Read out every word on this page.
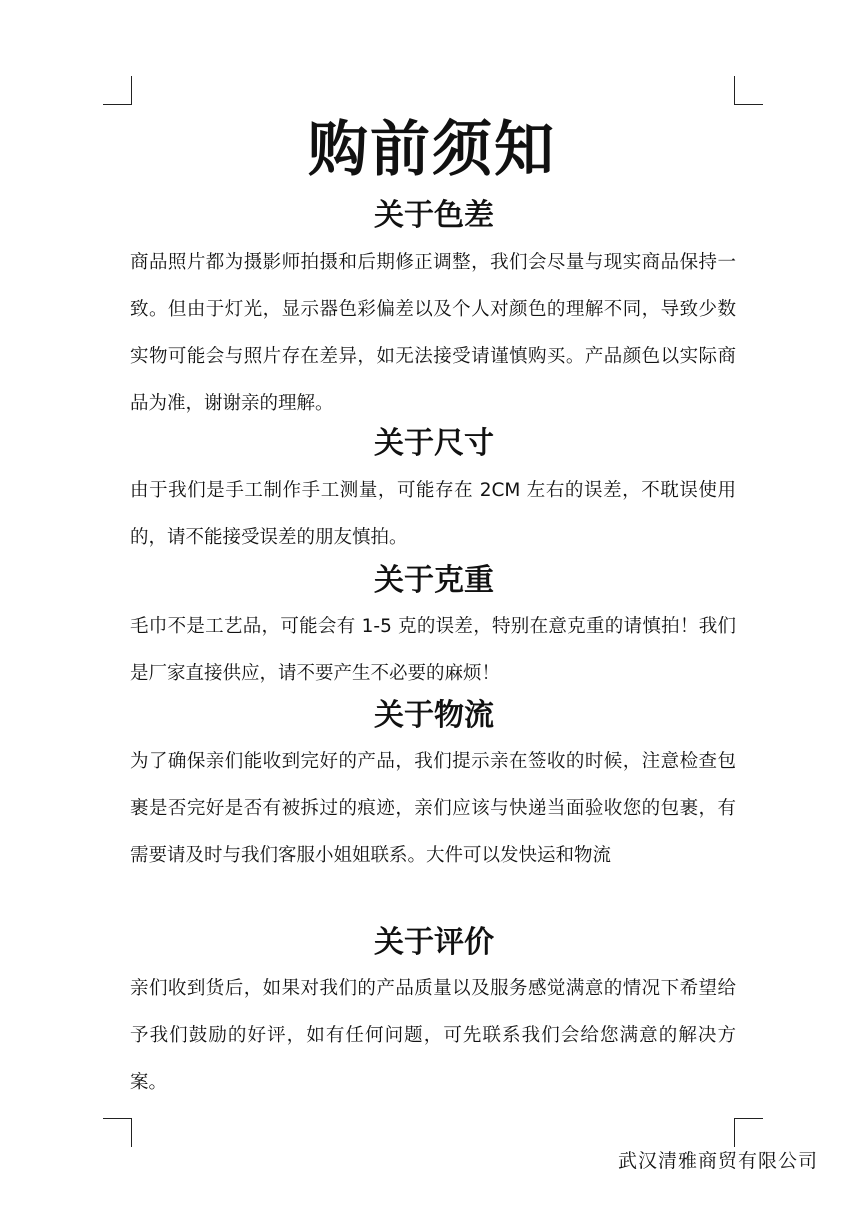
购前须知
关于色差
商品照片都为摄影师拍摄和后期修正调整，我们会尽量与现实商品保持一致。但由于灯光，显示器色彩偏差以及个人对颜色的理解不同，导致少数实物可能会与照片存在差异，如无法接受请谨慎购买。产品颜色以实际商品为准，谢谢亲的理解。
关于尺寸
由于我们是手工制作手工测量，可能存在 2CM 左右的误差，不耽误使用的，请不能接受误差的朋友慎拍。
关于克重
毛巾不是工艺品，可能会有 1-5 克的误差，特别在意克重的请慎拍！我们是厂家直接供应，请不要产生不必要的麻烦！
关于物流
为了确保亲们能收到完好的产品，我们提示亲在签收的时候，注意检查包裹是否完好是否有被拆过的痕迹，亲们应该与快递当面验收您的包裹，有需要请及时与我们客服小姐姐联系。大件可以发快运和物流
关于评价
亲们收到货后，如果对我们的产品质量以及服务感觉满意的情况下希望给予我们鼓励的好评，如有任何问题，可先联系我们会给您满意的解决方案。
武汉清雅商贸有限公司
